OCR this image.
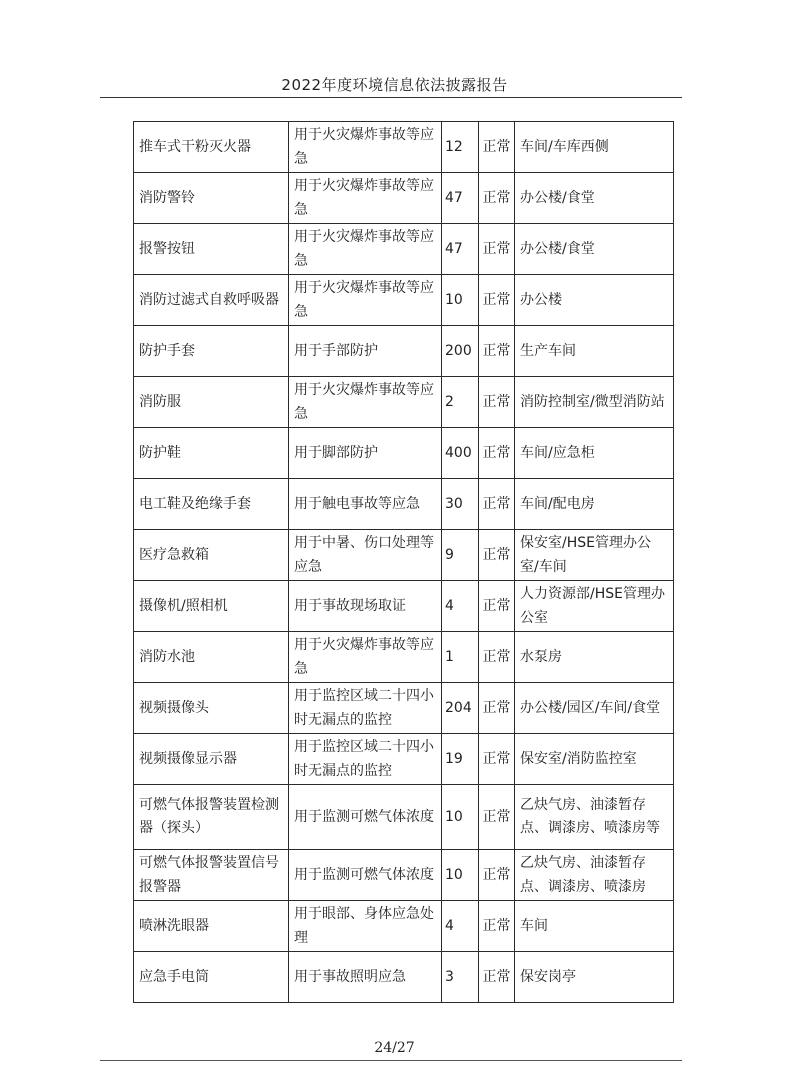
2022年度环境信息依法披露报告
推车式干粉灭火器	用于火灾爆炸事故等应急	12	正常	车间/车库西侧
消防警铃	用于火灾爆炸事故等应急	47	正常	办公楼/食堂
报警按钮	用于火灾爆炸事故等应急	47	正常	办公楼/食堂
消防过滤式自救呼吸器	用于火灾爆炸事故等应急	10	正常	办公楼
防护手套	用于手部防护	200	正常	生产车间
消防服	用于火灾爆炸事故等应急	2	正常	消防控制室/微型消防站
防护鞋	用于脚部防护	400	正常	车间/应急柜
电工鞋及绝缘手套	用于触电事故等应急	30	正常	车间/配电房
医疗急救箱	用于中暑、伤口处理等应急	9	正常	保安室/HSE管理办公室/车间
摄像机/照相机	用于事故现场取证	4	正常	人力资源部/HSE管理办公室
消防水池	用于火灾爆炸事故等应急	1	正常	水泵房
视频摄像头	用于监控区域二十四小时无漏点的监控	204	正常	办公楼/园区/车间/食堂
视频摄像显示器	用于监控区域二十四小时无漏点的监控	19	正常	保安室/消防监控室
可燃气体报警装置检测器（探头）	用于监测可燃气体浓度	10	正常	乙炔气房、油漆暂存点、调漆房、喷漆房等
可燃气体报警装置信号报警器	用于监测可燃气体浓度	10	正常	乙炔气房、油漆暂存点、调漆房、喷漆房
喷淋洗眼器	用于眼部、身体应急处理	4	正常	车间
应急手电筒	用于事故照明应急	3	正常	保安岗亭
24/27
